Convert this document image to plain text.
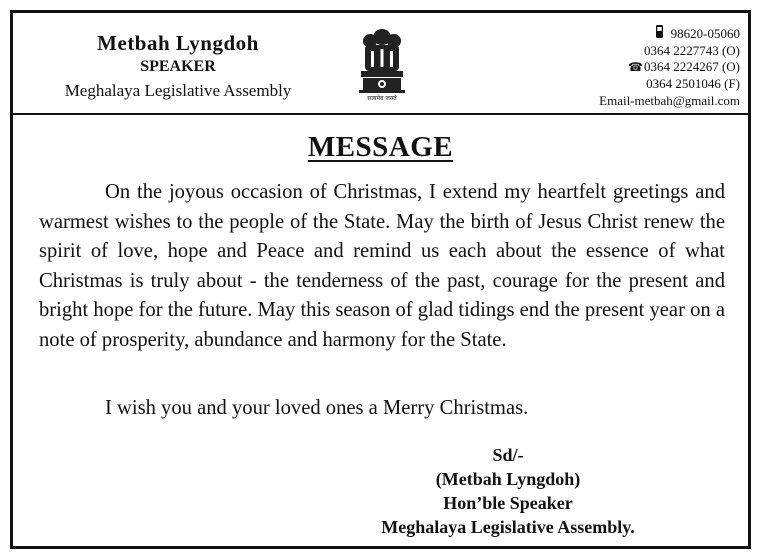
Metbah Lyngdoh
SPEAKER
Meghalaya Legislative Assembly	सत्यमेव जयते
98620-05060
0364 2227743 (O)
☎0364 2224267 (O)
0364 2501046 (F)
Email-metbah@gmail.com
MESSAGE

On the joyous occasion of Christmas, I extend my heartfelt greetings and warmest wishes to the people of the State. May the birth of Jesus Christ renew the spirit of love, hope and Peace and remind us each about the essence of what Christmas is truly about - the tenderness of the past, courage for the present and bright hope for the future. May this season of glad tidings end the present year on a note of prosperity, abundance and harmony for the State.

I wish you and your loved ones a Merry Christmas.
Sd/-
(Metbah Lyngdoh)
Hon’ble Speaker
Meghalaya Legislative Assembly.
